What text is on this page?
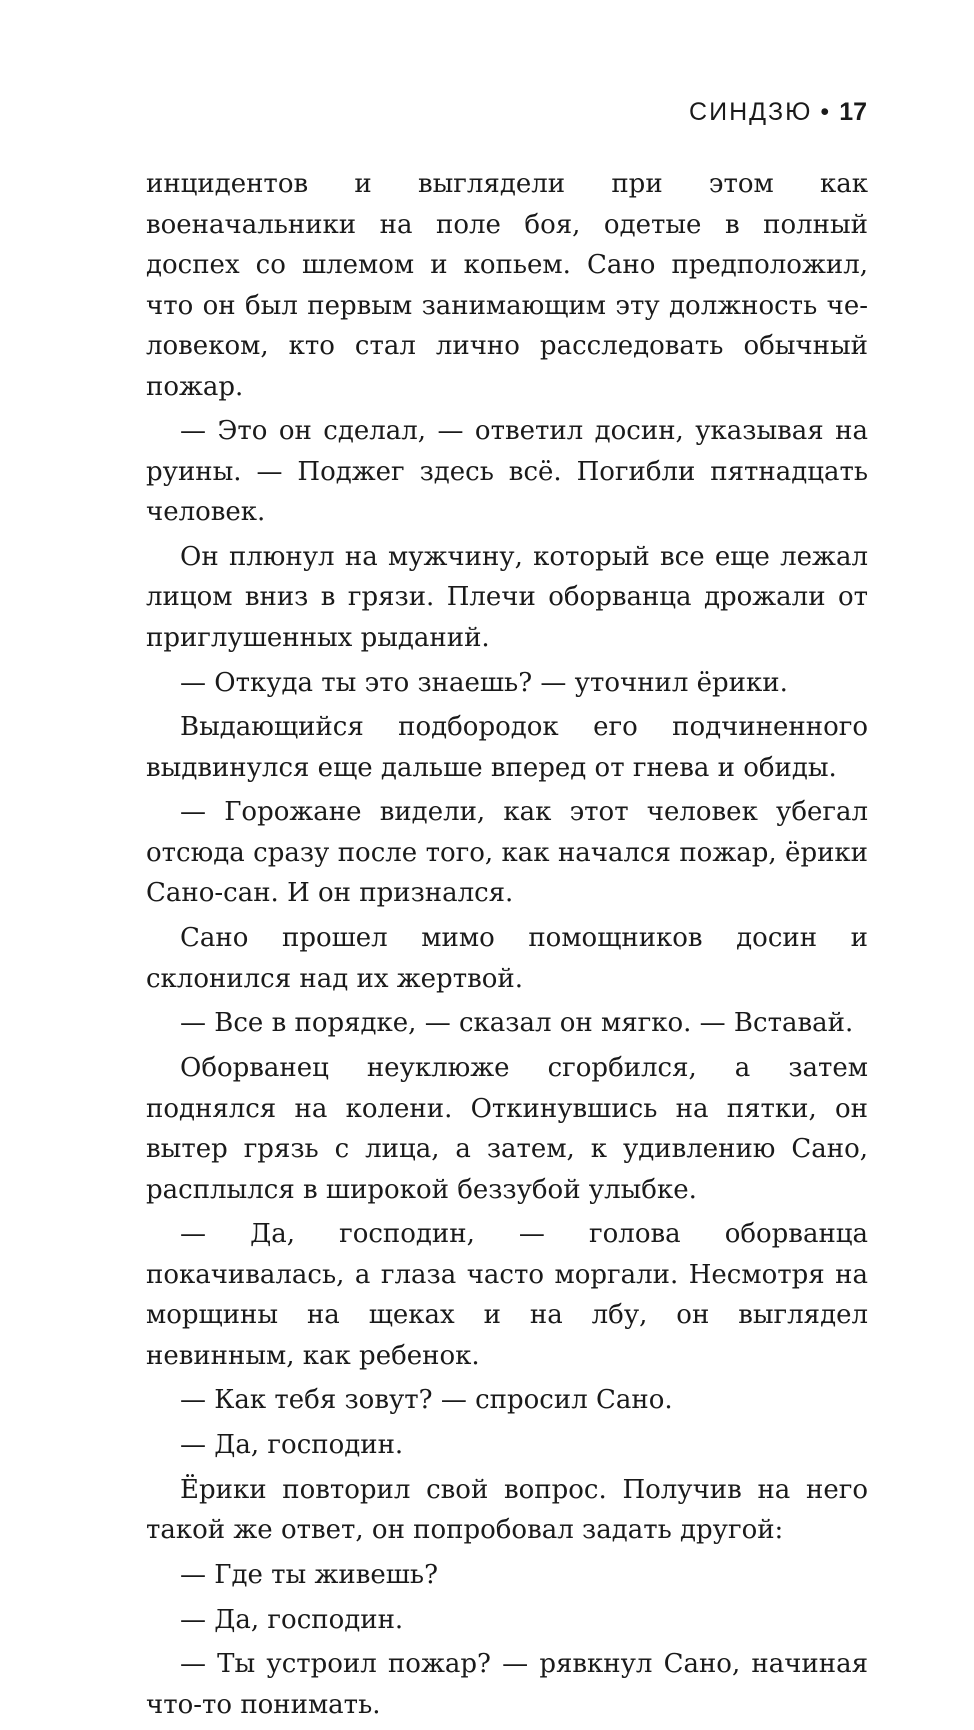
СИНДЗЮ • 17

инцидентов и выглядели при этом как военачальники на поле боя, одетые в полный доспех со шлемом и копьем. Сано предположил, что он был первым занимающим эту должность человеком, кто стал лично расследовать обычный пожар.

— Это он сделал, — ответил досин, указывая на руины. — Поджег здесь всё. Погибли пятнадцать человек.

Он плюнул на мужчину, который все еще лежал лицом вниз в грязи. Плечи оборванца дрожали от приглушенных рыданий.

— Откуда ты это знаешь? — уточнил ёрики.

Выдающийся подбородок его подчиненного выдвинулся еще дальше вперед от гнева и обиды.

— Горожане видели, как этот человек убегал отсюда сразу после того, как начался пожар, ёрики Сано-сан. И он признался.

Сано прошел мимо помощников досин и склонился над их жертвой.

— Все в порядке, — сказал он мягко. — Вставай.

Оборванец неуклюже сгорбился, а затем поднялся на колени. Откинувшись на пятки, он вытер грязь с лица, а затем, к удивлению Сано, расплылся в широкой беззубой улыбке.

— Да, господин, — голова оборванца покачивалась, а глаза часто моргали. Несмотря на морщины на щеках и на лбу, он выглядел невинным, как ребенок.

— Как тебя зовут? — спросил Сано.

— Да, господин.

Ёрики повторил свой вопрос. Получив на него такой же ответ, он попробовал задать другой:

— Где ты живешь?

— Да, господин.

— Ты устроил пожар? — рявкнул Сано, начиная что-то понимать.
